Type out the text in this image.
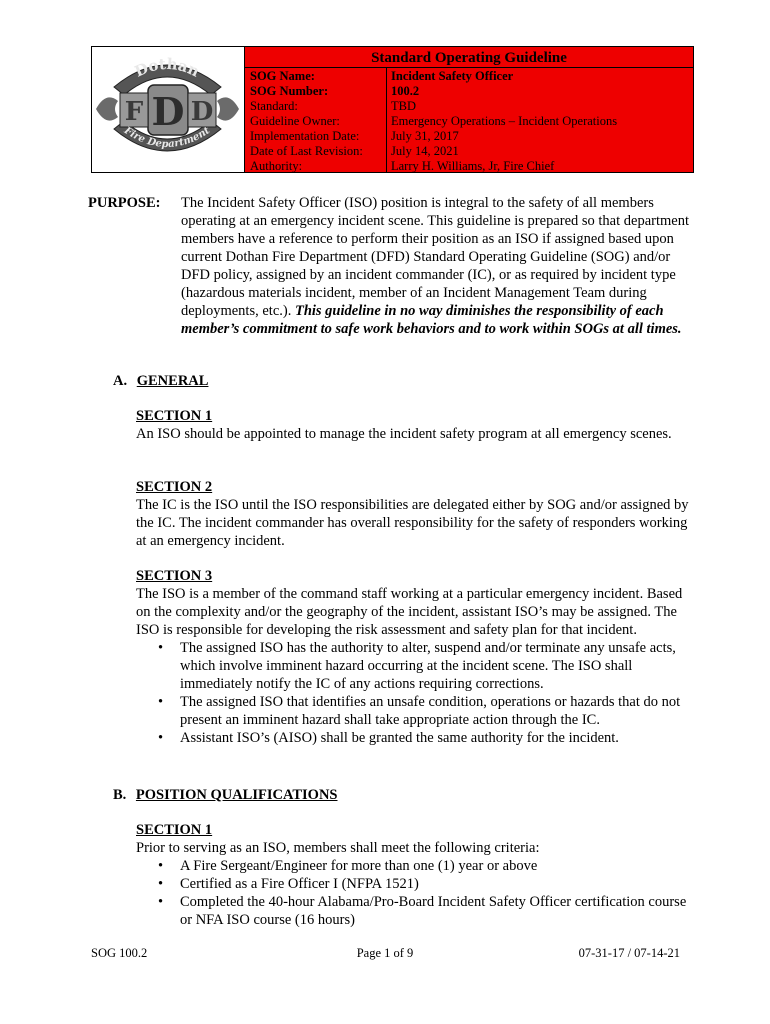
F D D
Standard Operating Guideline
SOG Name:	Incident Safety Officer
SOG Number:	100.2
Standard:	TBD
Guideline Owner:	Emergency Operations – Incident Operations
Implementation Date:	July 31, 2017
Date of Last Revision: July 14, 2021
Authority:	Larry H. Williams, Jr, Fire Chief
PURPOSE: The Incident Safety Officer (ISO) position is integral to the safety of all members operating at an emergency incident scene. This guideline is prepared so that department members have a reference to perform their position as an ISO if assigned based upon current Dothan Fire Department (DFD) Standard Operating Guideline (SOG) and/or DFD policy, assigned by an incident commander (IC), or as required by incident type (hazardous materials incident, member of an Incident Management Team during deployments, etc.). This guideline in no way diminishes the responsibility of each member’s commitment to safe work behaviors and to work within SOGs at all times.
A. GENERAL
SECTION 1
An ISO should be appointed to manage the incident safety program at all emergency scenes.
SECTION 2
The IC is the ISO until the ISO responsibilities are delegated either by SOG and/or assigned by the IC. The incident commander has overall responsibility for the safety of responders working at an emergency incident.
SECTION 3
The ISO is a member of the command staff working at a particular emergency incident. Based on the complexity and/or the geography of the incident, assistant ISO’s may be assigned. The ISO is responsible for developing the risk assessment and safety plan for that incident.
• The assigned ISO has the authority to alter, suspend and/or terminate any unsafe acts, which involve imminent hazard occurring at the incident scene. The ISO shall immediately notify the IC of any actions requiring corrections.
• The assigned ISO that identifies an unsafe condition, operations or hazards that do not present an imminent hazard shall take appropriate action through the IC.
• Assistant ISO’s (AISO) shall be granted the same authority for the incident.
B. POSITION QUALIFICATIONS
SECTION 1
Prior to serving as an ISO, members shall meet the following criteria:
• A Fire Sergeant/Engineer for more than one (1) year or above
• Certified as a Fire Officer I (NFPA 1521)
• Completed the 40-hour Alabama/Pro-Board Incident Safety Officer certification course or NFA ISO course (16 hours)
SOG 100.2	Page 1 of 9	07-31-17 / 07-14-21
Dothan
Fire Department
